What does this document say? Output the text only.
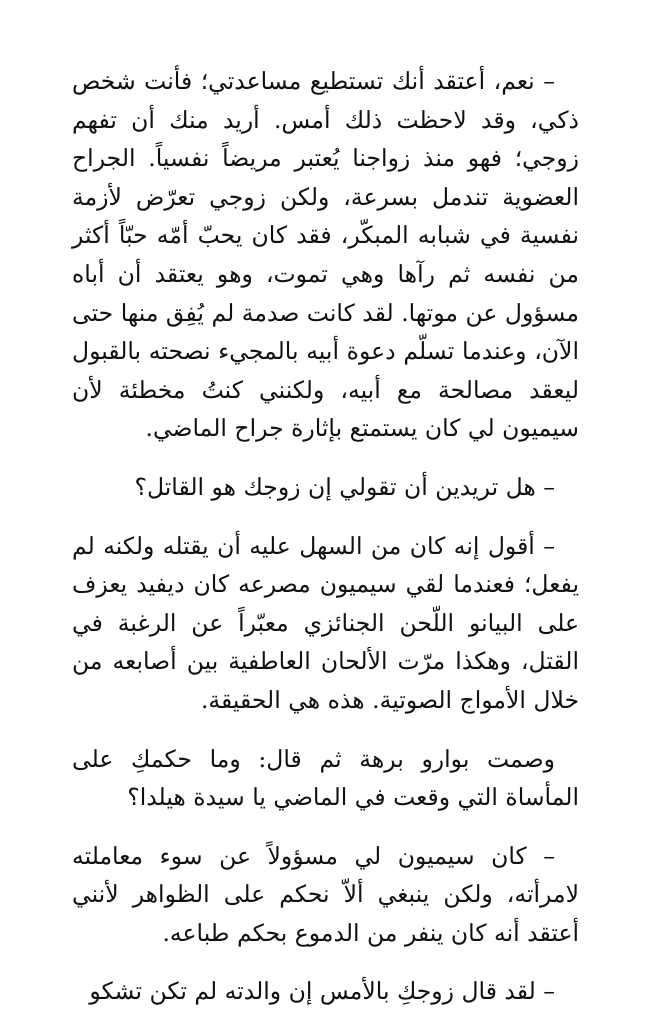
– نعم، أعتقد أنك تستطيع مساعدتي؛ فأنت شخص ذكي، وقد لاحظت ذلك أمس. أريد منك أن تفهم زوجي؛ فهو منذ زواجنا يُعتبر مريضاً نفسياً. الجراح العضوية تندمل بسرعة، ولكن زوجي تعرّض لأزمة نفسية في شبابه المبكّر، فقد كان يحبّ أمّه حبّاً أكثر من نفسه ثم رآها وهي تموت، وهو يعتقد أن أباه مسؤول عن موتها. لقد كانت صدمة لم يُفِق منها حتى الآن، وعندما تسلّم دعوة أبيه بالمجيء نصحته بالقبول ليعقد مصالحة مع أبيه، ولكنني كنتُ مخطئة لأن سيميون لي كان يستمتع بإثارة جراح الماضي.

– هل تريدين أن تقولي إن زوجك هو القاتل؟

– أقول إنه كان من السهل عليه أن يقتله ولكنه لم يفعل؛ فعندما لقي سيميون مصرعه كان ديفيد يعزف على البيانو اللّحن الجنائزي معبّراً عن الرغبة في القتل، وهكذا مرّت الألحان العاطفية بين أصابعه من خلال الأمواج الصوتية. هذه هي الحقيقة.

وصمت بوارو برهة ثم قال: وما حكمكِ على المأساة التي وقعت في الماضي يا سيدة هيلدا؟

– كان سيميون لي مسؤولاً عن سوء معاملته لامرأته، ولكن ينبغي ألاّ نحكم على الظواهر لأنني أعتقد أنه كان ينفر من الدموع بحكم طباعه.

– لقد قال زوجكِ بالأمس إن والدته لم تكن تشكو
